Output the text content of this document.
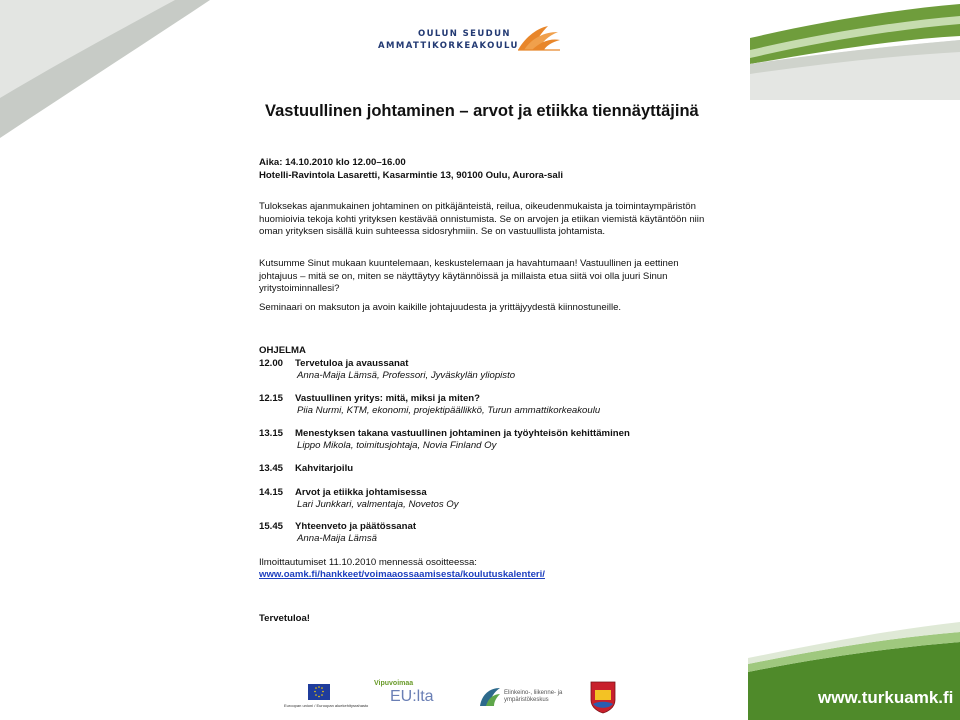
OULUN SEUDUN
AMMATTIKORKEAKOULU
Vastuullinen johtaminen – arvot ja etiikka tiennäyttäjinä
Aika: 14.10.2010 klo 12.00–16.00
Hotelli-Ravintola Lasaretti, Kasarmintie 13, 90100 Oulu, Aurora-sali
Tuloksekas ajanmukainen johtaminen on pitkäjänteistä, reilua, oikeudenmukaista ja toimintaympäristön huomioivia tekoja kohti yrityksen kestävää onnistumista. Se on arvojen ja etiikan viemistä käytäntöön niin oman yrityksen sisällä kuin suhteessa sidosryhmiin. Se on vastuullista johtamista.
Kutsumme Sinut mukaan kuuntelemaan, keskustelemaan ja havahtumaan! Vastuullinen ja eettinen johtajuus – mitä se on, miten se näyttäytyy käytännöissä ja millaista etua siitä voi olla juuri Sinun yritystoiminnallesi?
Seminaari on maksuton ja avoin kaikille johtajuudesta ja yrittäjyydestä kiinnostuneille.
OHJELMA
12.00 Tervetuloa ja avaussanat
Anna-Maija Lämsä, Professori, Jyväskylän yliopisto
12.15 Vastuullinen yritys: mitä, miksi ja miten?
Piia Nurmi, KTM, ekonomi, projektipäällikkö, Turun ammattikorkeakoulu
13.15 Menestyksen takana vastuullinen johtaminen ja työyhteisön kehittäminen
Lippo Mikola, toimitusjohtaja, Novia Finland Oy
13.45 Kahvitarjoilu
14.15 Arvot ja etiikka johtamisessa
Lari Junkkari, valmentaja, Novetos Oy
15.45 Yhteenveto ja päätössanat
Anna-Maija Lämsä
Ilmoittautumiset 11.10.2010 mennessä osoitteessa:
www.oamk.fi/hankkeet/voimaaossaamisesta/koulutuskalenteri/
Tervetuloa!
Euroopan unioni / Euroopan aluekehitysrahasto
Vipuvoimaa
EU:lta	Elinkeino-, liikenne- ja ympäristökeskus	www.turkuamk.fi
